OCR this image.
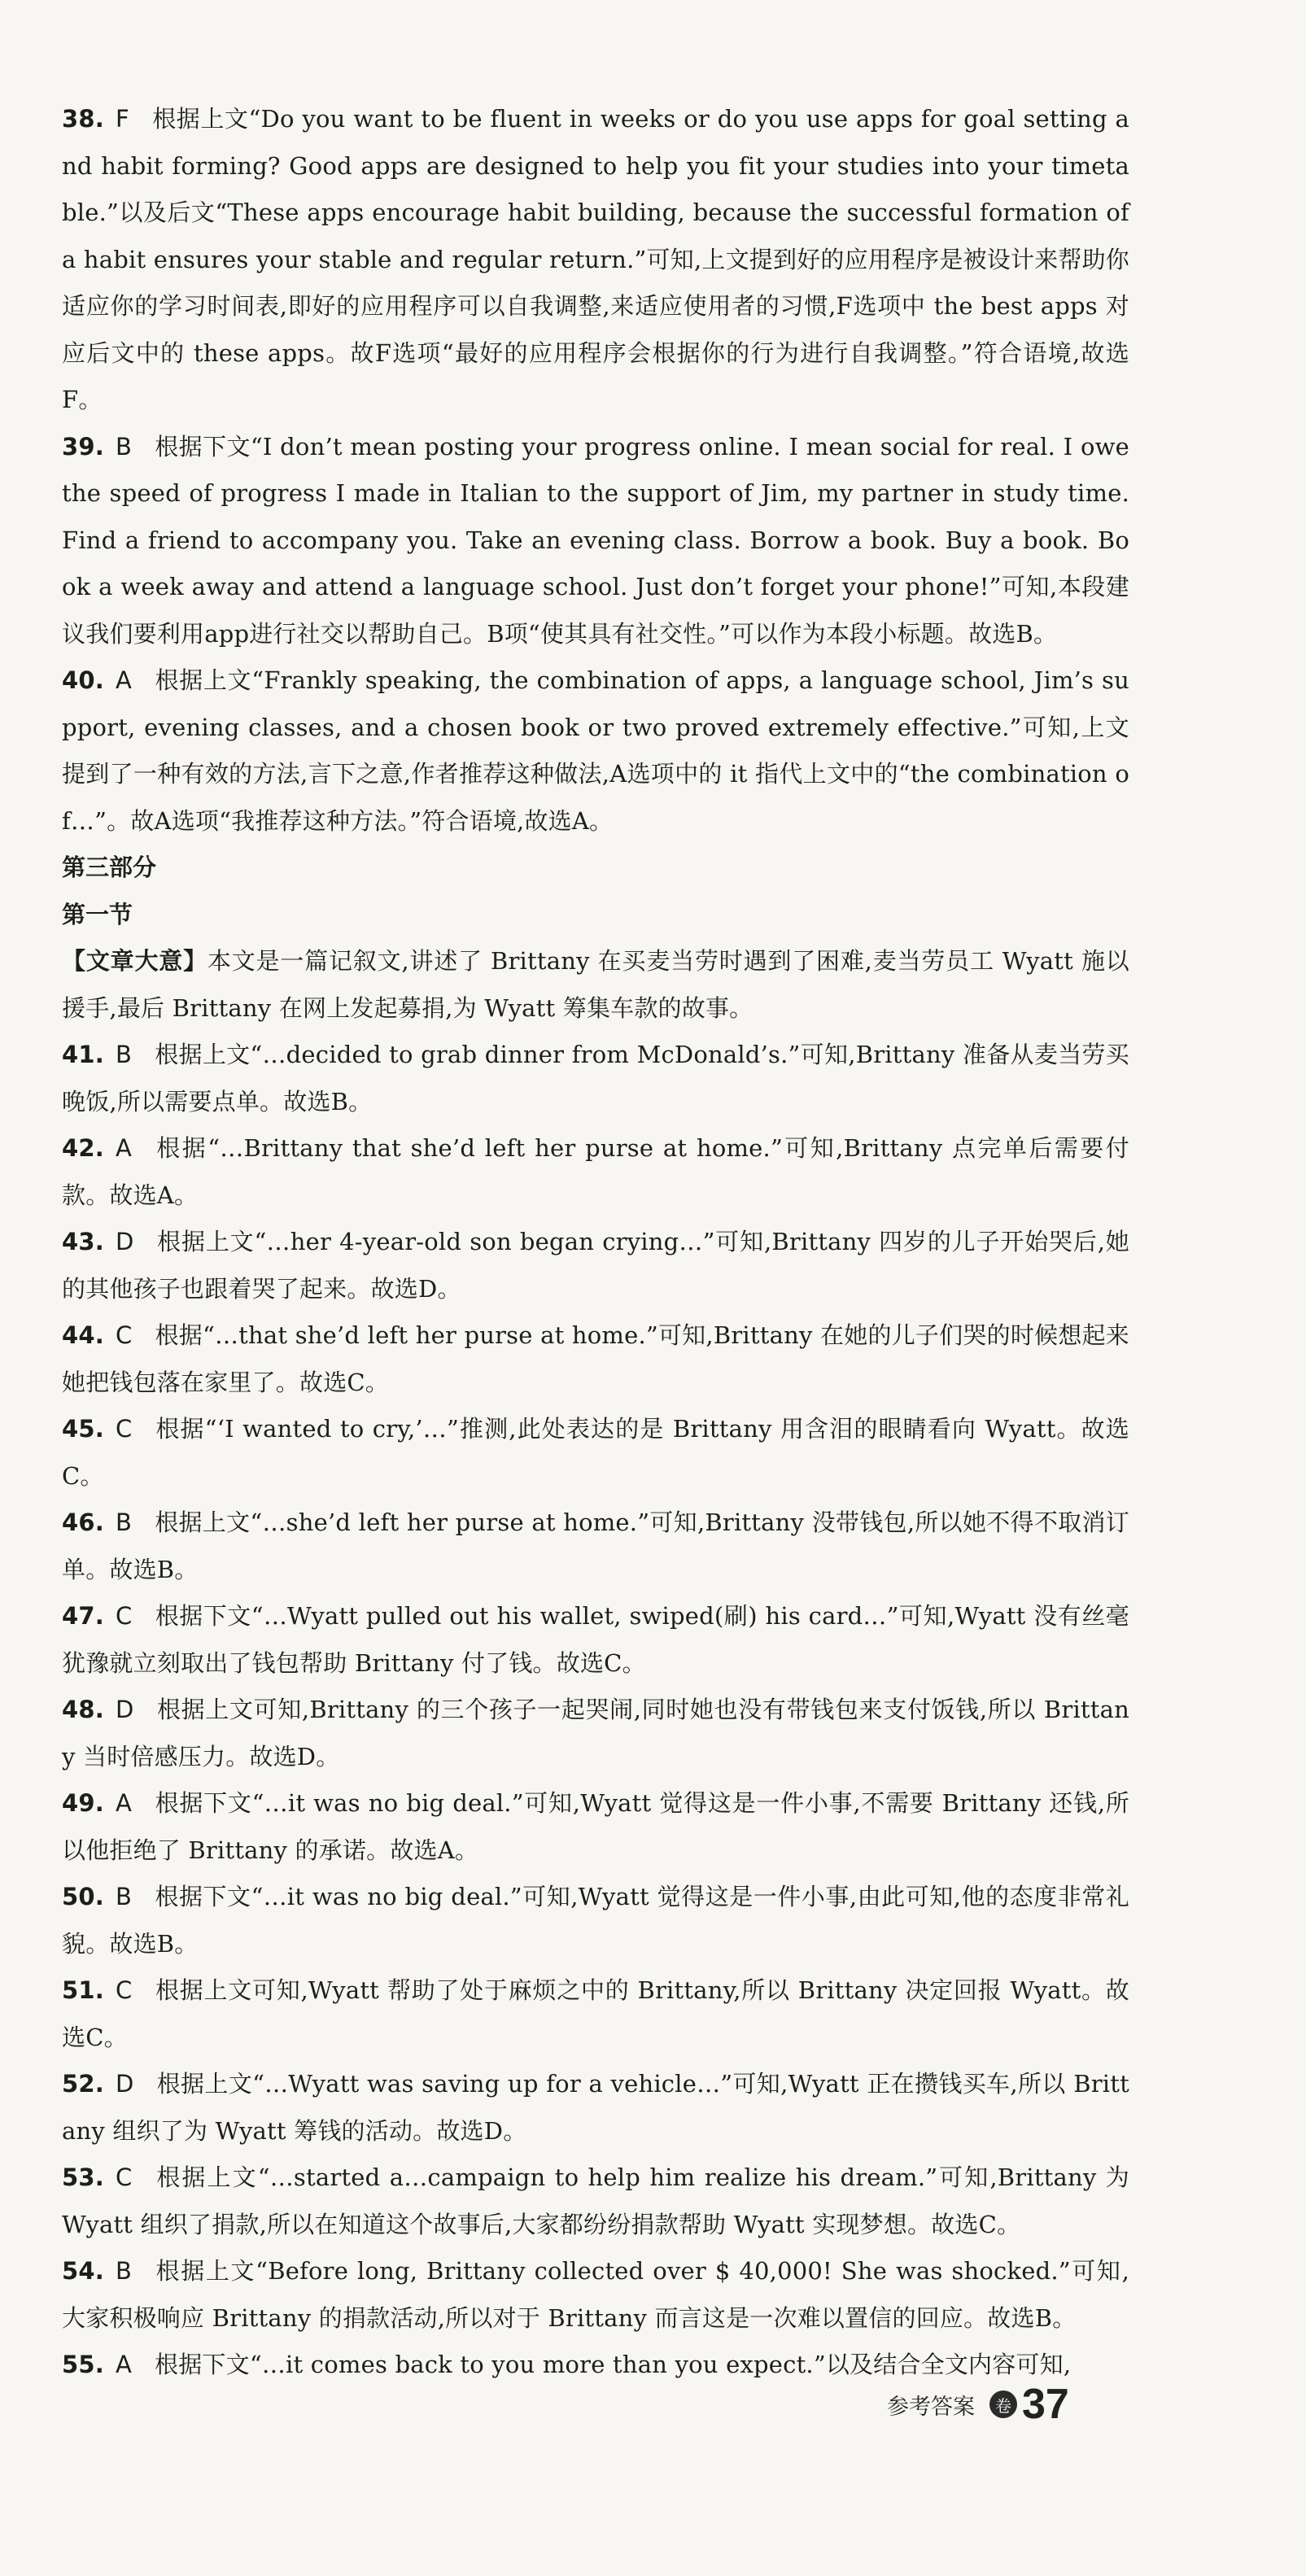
38. F 根据上文“Do you want to be fluent in weeks or do you use apps for goal setting and habit forming? Good apps are designed to help you fit your studies into your timetable.”以及后文“These apps encourage habit building, because the successful formation of a habit ensures your stable and regular return.”可知,上文提到好的应用程序是被设计来帮助你适应你的学习时间表,即好的应用程序可以自我调整,来适应使用者的习惯,F选项中 the best apps 对应后文中的 these apps。故F选项“最好的应用程序会根据你的行为进行自我调整。”符合语境,故选F。
39. B 根据下文“I don’t mean posting your progress online. I mean social for real. I owe the speed of progress I made in Italian to the support of Jim, my partner in study time. Find a friend to accompany you. Take an evening class. Borrow a book. Buy a book. Book a week away and attend a language school. Just don’t forget your phone!”可知,本段建议我们要利用app进行社交以帮助自己。B项“使其具有社交性。”可以作为本段小标题。故选B。
40. A 根据上文“Frankly speaking, the combination of apps, a language school, Jim’s support, evening classes, and a chosen book or two proved extremely effective.”可知,上文提到了一种有效的方法,言下之意,作者推荐这种做法,A选项中的 it 指代上文中的“the combination of…”。故A选项“我推荐这种方法。”符合语境,故选A。
第三部分
第一节
【文章大意】本文是一篇记叙文,讲述了 Brittany 在买麦当劳时遇到了困难,麦当劳员工 Wyatt 施以援手,最后 Brittany 在网上发起募捐,为 Wyatt 筹集车款的故事。
41. B 根据上文“…decided to grab dinner from McDonald’s.”可知,Brittany 准备从麦当劳买晚饭,所以需要点单。故选B。
42. A 根据“…Brittany that she’d left her purse at home.”可知,Brittany 点完单后需要付款。故选A。
43. D 根据上文“…her 4-year-old son began crying…”可知,Brittany 四岁的儿子开始哭后,她的其他孩子也跟着哭了起来。故选D。
44. C 根据“…that she’d left her purse at home.”可知,Brittany 在她的儿子们哭的时候想起来她把钱包落在家里了。故选C。
45. C 根据“‘I wanted to cry,’…”推测,此处表达的是 Brittany 用含泪的眼睛看向 Wyatt。故选C。
46. B 根据上文“…she’d left her purse at home.”可知,Brittany 没带钱包,所以她不得不取消订单。故选B。
47. C 根据下文“…Wyatt pulled out his wallet, swiped(刷) his card…”可知,Wyatt 没有丝毫犹豫就立刻取出了钱包帮助 Brittany 付了钱。故选C。
48. D 根据上文可知,Brittany 的三个孩子一起哭闹,同时她也没有带钱包来支付饭钱,所以 Brittany 当时倍感压力。故选D。
49. A 根据下文“…it was no big deal.”可知,Wyatt 觉得这是一件小事,不需要 Brittany 还钱,所以他拒绝了 Brittany 的承诺。故选A。
50. B 根据下文“…it was no big deal.”可知,Wyatt 觉得这是一件小事,由此可知,他的态度非常礼貌。故选B。
51. C 根据上文可知,Wyatt 帮助了处于麻烦之中的 Brittany,所以 Brittany 决定回报 Wyatt。故选C。
52. D 根据上文“…Wyatt was saving up for a vehicle…”可知,Wyatt 正在攒钱买车,所以 Brittany 组织了为 Wyatt 筹钱的活动。故选D。
53. C 根据上文“…started a…campaign to help him realize his dream.”可知,Brittany 为 Wyatt 组织了捐款,所以在知道这个故事后,大家都纷纷捐款帮助 Wyatt 实现梦想。故选C。
54. B 根据上文“Before long, Brittany collected over $ 40,000! She was shocked.”可知,大家积极响应 Brittany 的捐款活动,所以对于 Brittany 而言这是一次难以置信的回应。故选B。
55. A 根据下文“…it comes back to you more than you expect.”以及结合全文内容可知,
参考答案	卷 37
